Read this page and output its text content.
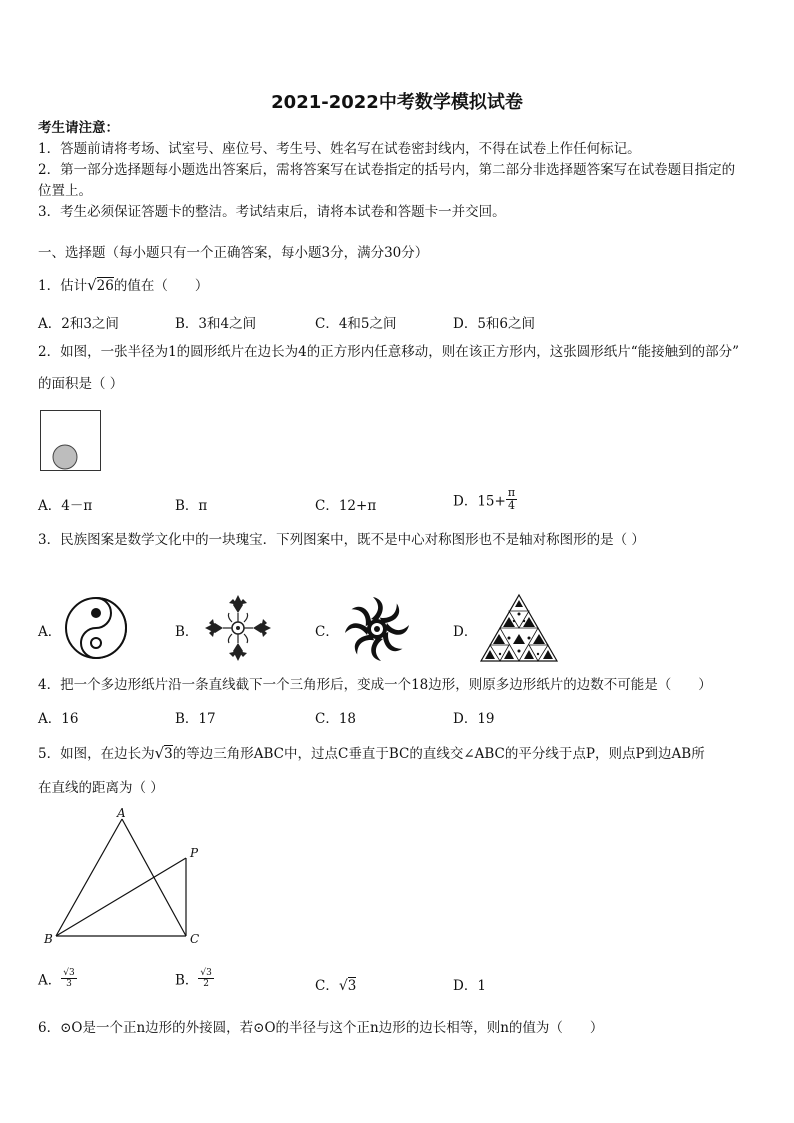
2021-2022中考数学模拟试卷
考生请注意：
1．答题前请将考场、试室号、座位号、考生号、姓名写在试卷密封线内，不得在试卷上作任何标记。
2．第一部分选择题每小题选出答案后，需将答案写在试卷指定的括号内，第二部分非选择题答案写在试卷题目指定的
位置上。
3．考生必须保证答题卡的整洁。考试结束后，请将本试卷和答题卡一并交回。
一、选择题（每小题只有一个正确答案，每小题3分，满分30分）
1．估计√26的值在（　　）
A．2和3之间	B．3和4之间	C．4和5之间	D．5和6之间
2．如图，一张半径为1的圆形纸片在边长为4的正方形内任意移动，则在该正方形内，这张圆形纸片“能接触到的部分”
的面积是（ ）
A．4－π	B．π	C．12+π	D．$15+ \frac{\pi}{4}$
3．民族图案是数学文化中的一块瑰宝．下列图案中，既不是中心对称图形也不是轴对称图形的是（ ）
A．	B．	C．	D．
4．把一个多边形纸片沿一条直线截下一个三角形后，变成一个18边形，则原多边形纸片的边数不可能是（　　）
A．16	B．17	C．18	D．19
5．如图，在边长为√3的等边三角形ABC中，过点C垂直于BC的直线交∠ABC的平分线于点P，则点P到边AB所
在直线的距离为（ ）
A
B	C
P
A． $\frac{√3}{3}$	B． $\frac{√3}{2}$	C．√3	D．1
6．⊙O是一个正n边形的外接圆，若⊙O的半径与这个正n边形的边长相等，则n的值为（　　）
